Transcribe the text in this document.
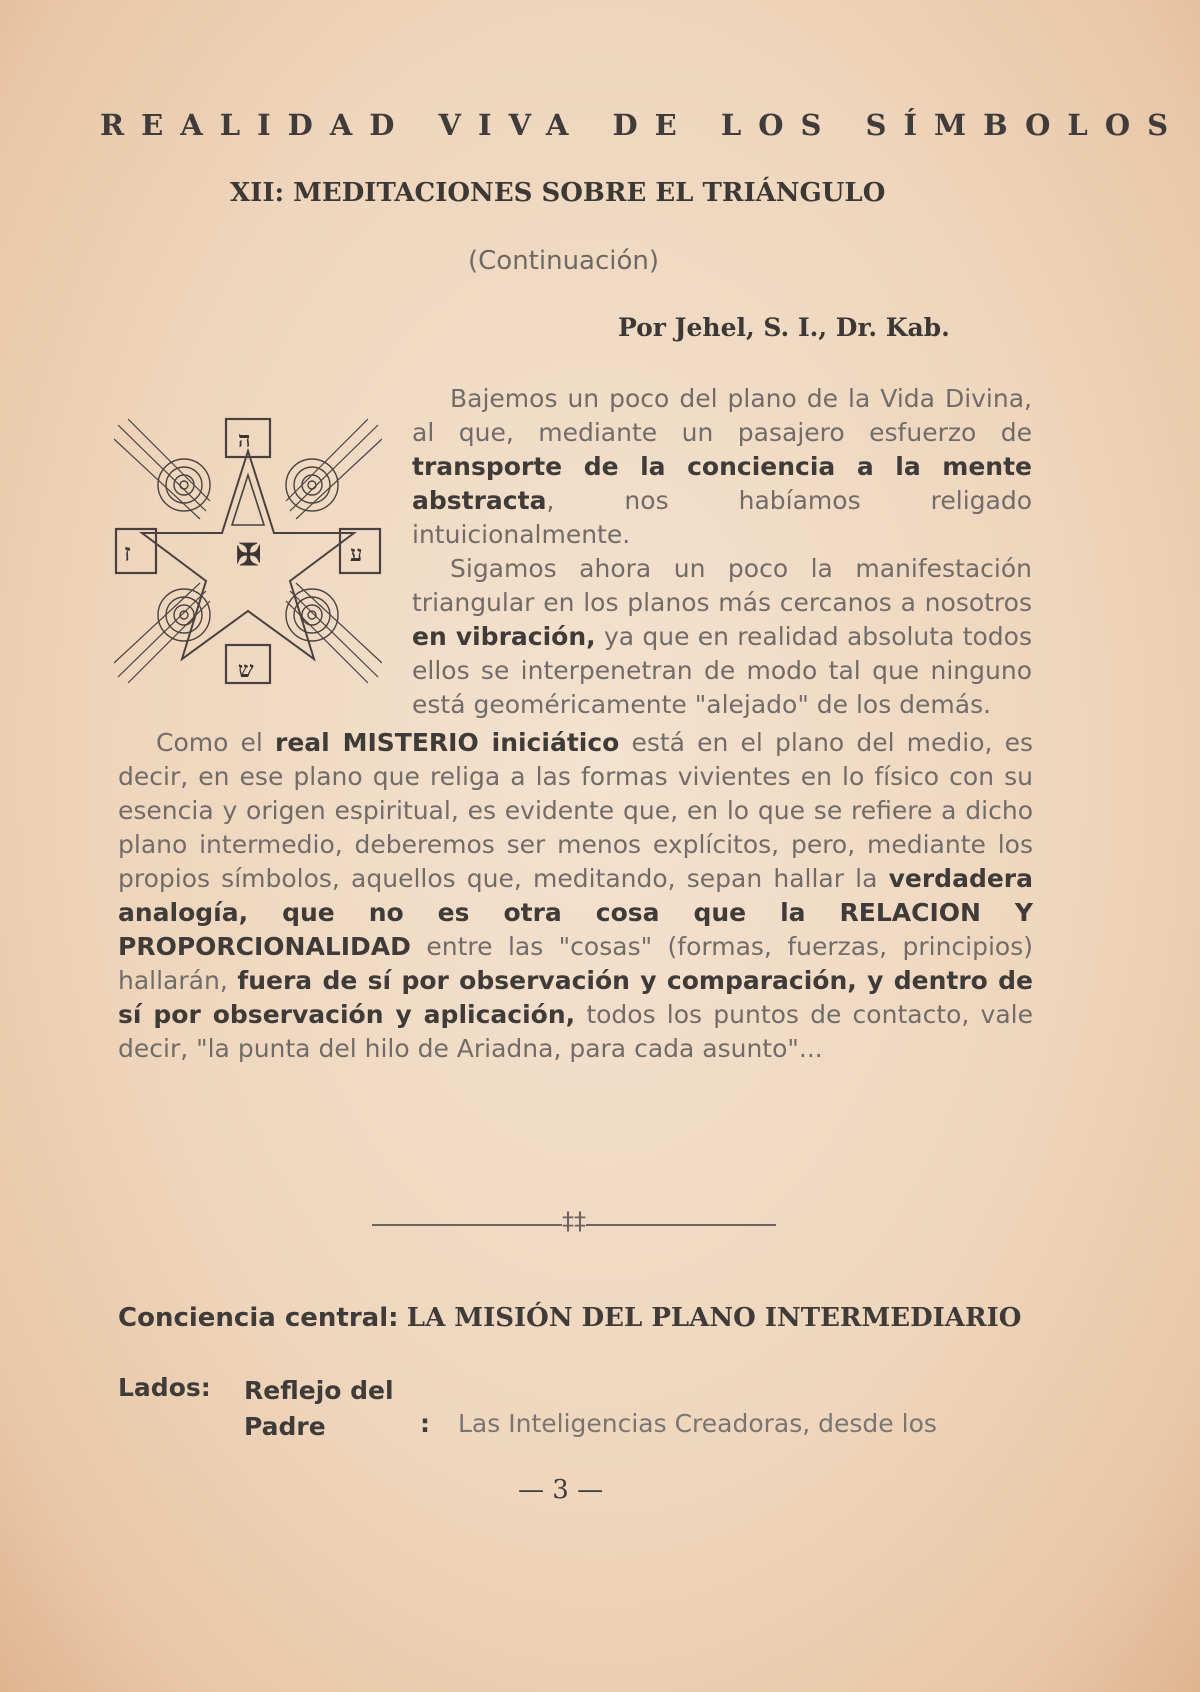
REALIDAD VIVA DE LOS SÍMBOLOS
XII: MEDITACIONES SOBRE EL TRIÁNGULO
(Continuación)
Por Jehel, S. I., Dr. Kab.
ה
ש
ז	ע
✠

Bajemos un poco del plano de la Vida Divina, al que, mediante un pasajero esfuerzo de transporte de la conciencia a la mente abstracta, nos habíamos religado intuicionalmente.

Sigamos ahora un poco la manifestación triangular en los planos más cercanos a nosotros en vibración, ya que en realidad absoluta todos ellos se interpenetran de modo tal que ninguno está geoméricamente "alejado" de los demás.

Como el real MISTERIO iniciático está en el plano del medio, es decir, en ese plano que religa a las formas vivientes en lo físico con su esencia y origen espiritual, es evidente que, en lo que se refiere a dicho plano intermedio, deberemos ser menos explícitos, pero, mediante los propios símbolos, aquellos que, meditando, sepan hallar la verdadera analogía, que no es otra cosa que la RELACION Y PROPORCIONALIDAD entre las "cosas" (formas, fuerzas, principios) hallarán, fuera de sí por observación y comparación, y dentro de sí por observación y aplicación, todos los puntos de contacto, vale decir, "la punta del hilo de Ariadna, para cada asunto"...

‡‡
Conciencia central: LA MISIÓN DEL PLANO INTERMEDIARIO
Lados: Reflejo del
Padre	: Las Inteligencias Creadoras, desde los
— 3 —
